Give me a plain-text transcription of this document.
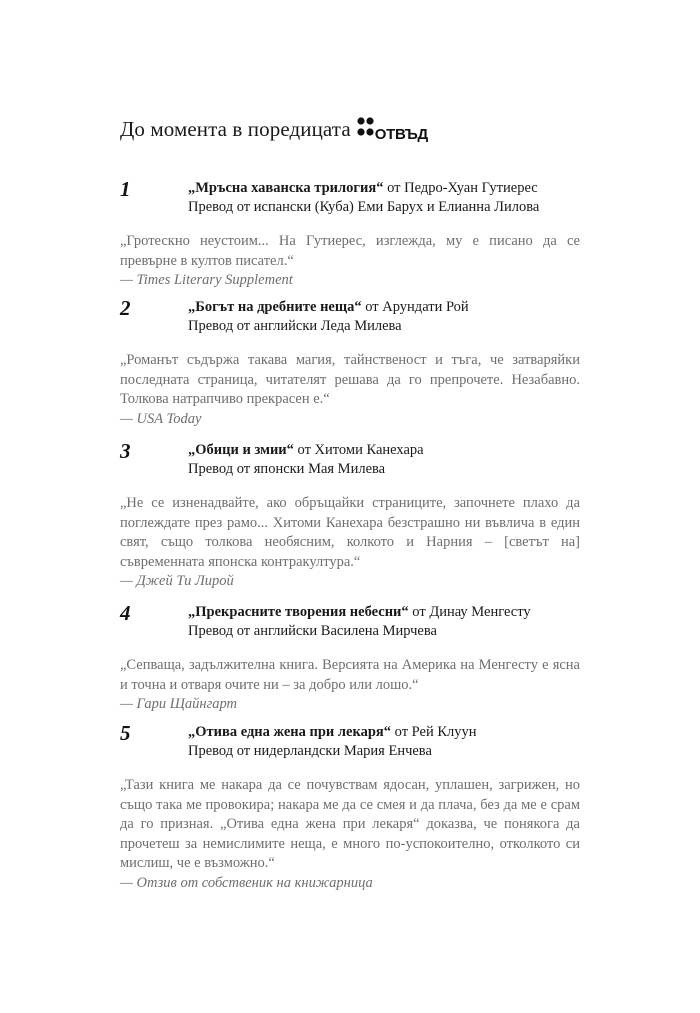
До момента в поредицата ОТВЪД
1	„Мръсна хаванска трилогия“ от Педро-Хуан Гутиерес
Превод от испански (Куба) Еми Барух и Елианна Лилова
„Гротескно неустоим... На Гутиерес, изглежда, му е писано да се превърне в култов писател.“
— Times Literary Supplement
2	„Богът на дребните неща“ от Арундати Рой
Превод от английски Леда Милева
„Романът съдържа такава магия, тайнственост и тъга, че затваряйки последната страница, читателят решава да го препрочете. Незабавно. Толкова натрапчиво прекрасен е.“
— USA Today
3	„Обици и змии“ от Хитоми Канехара
Превод от японски Мая Милева
„Не се изненадвайте, ако обръщайки страниците, започнете плахо да поглеждате през рамо... Хитоми Канехара безстрашно ни въвлича в един свят, също толкова необясним, колкото и Нарния – [светът на] съвременната японска контракултура.“
— Джей Ти Лирой
4	„Прекрасните творения небесни“ от Динау Менгесту
Превод от английски Василена Мирчева
„Сепваща, задължителна книга. Версията на Америка на Менгесту е ясна и точна и отваря очите ни – за добро или лошо.“
— Гари Щайнгарт
5	„Отива една жена при лекаря“ от Рей Клуун
Превод от нидерландски Мария Енчева
„Тази книга ме накара да се почувствам ядосан, уплашен, загрижен, но също така ме провокира; накара ме да се смея и да плача, без да ме е срам да го призная. „Отива една жена при лекаря“ доказва, че понякога да прочетеш за немислимите неща, е много по-успокоително, отколкото си мислиш, че е възможно.“
— Отзив от собственик на книжарница
